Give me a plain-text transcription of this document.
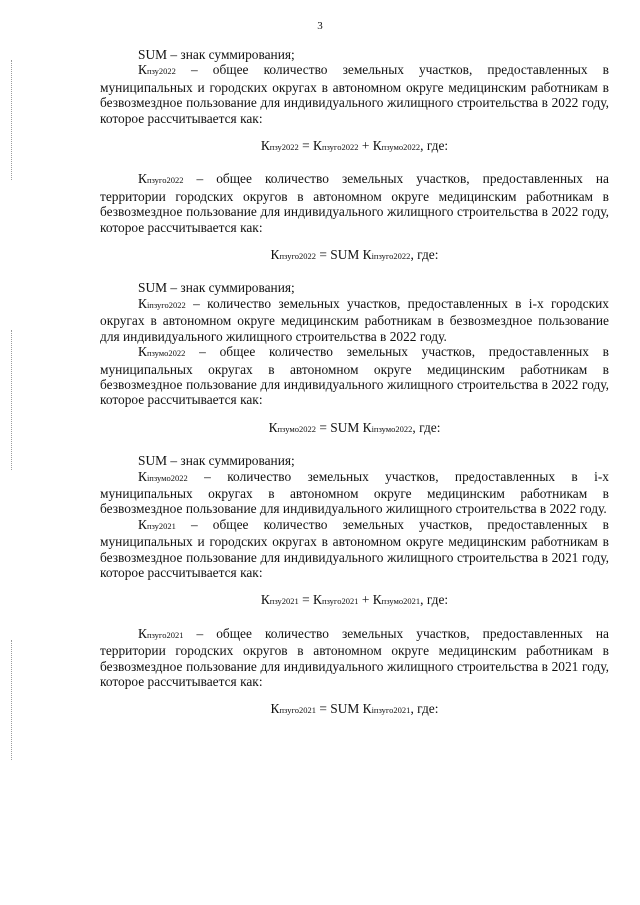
3

SUM – знак суммирования;

Кпзу2022 – общее количество земельных участков, предоставленных в муниципальных и городских округах в автономном округе медицинским работникам в безвозмездное пользование для индивидуального жилищного строительства в 2022 году, которое рассчитывается как:

Кпзу2022 = Кпзуго2022 + Кпзумо2022, где:

Кпзуго2022 – общее количество земельных участков, предоставленных на территории городских округов в автономном округе медицинским работникам в безвозмездное пользование для индивидуального жилищного строительства в 2022 году, которое рассчитывается как:

Кпзуго2022 = SUM Кiпзуго2022, где:

SUM – знак суммирования;

Кiпзуго2022 – количество земельных участков, предоставленных в i-х городских округах в автономном округе медицинским работникам в безвозмездное пользование для индивидуального жилищного строительства в 2022 году.

Кпзумо2022 – общее количество земельных участков, предоставленных в муниципальных округах в автономном округе медицинским работникам в безвозмездное пользование для индивидуального жилищного строительства в 2022 году, которое рассчитывается как:

Кпзумо2022 = SUM Кiпзумо2022, где:

SUM – знак суммирования;

Кiпзумо2022 – количество земельных участков, предоставленных в i-х муниципальных округах в автономном округе медицинским работникам в безвозмездное пользование для индивидуального жилищного строительства в 2022 году.

Кпзу2021 – общее количество земельных участков, предоставленных в муниципальных и городских округах в автономном округе медицинским работникам в безвозмездное пользование для индивидуального жилищного строительства в 2021 году, которое рассчитывается как:

Кпзу2021 = Кпзуго2021 + Кпзумо2021, где:

Кпзуго2021 – общее количество земельных участков, предоставленных на территории городских округов в автономном округе медицинским работникам в безвозмездное пользование для индивидуального жилищного строительства в 2021 году, которое рассчитывается как:

Кпзуго2021 = SUM Кiпзуго2021, где:
